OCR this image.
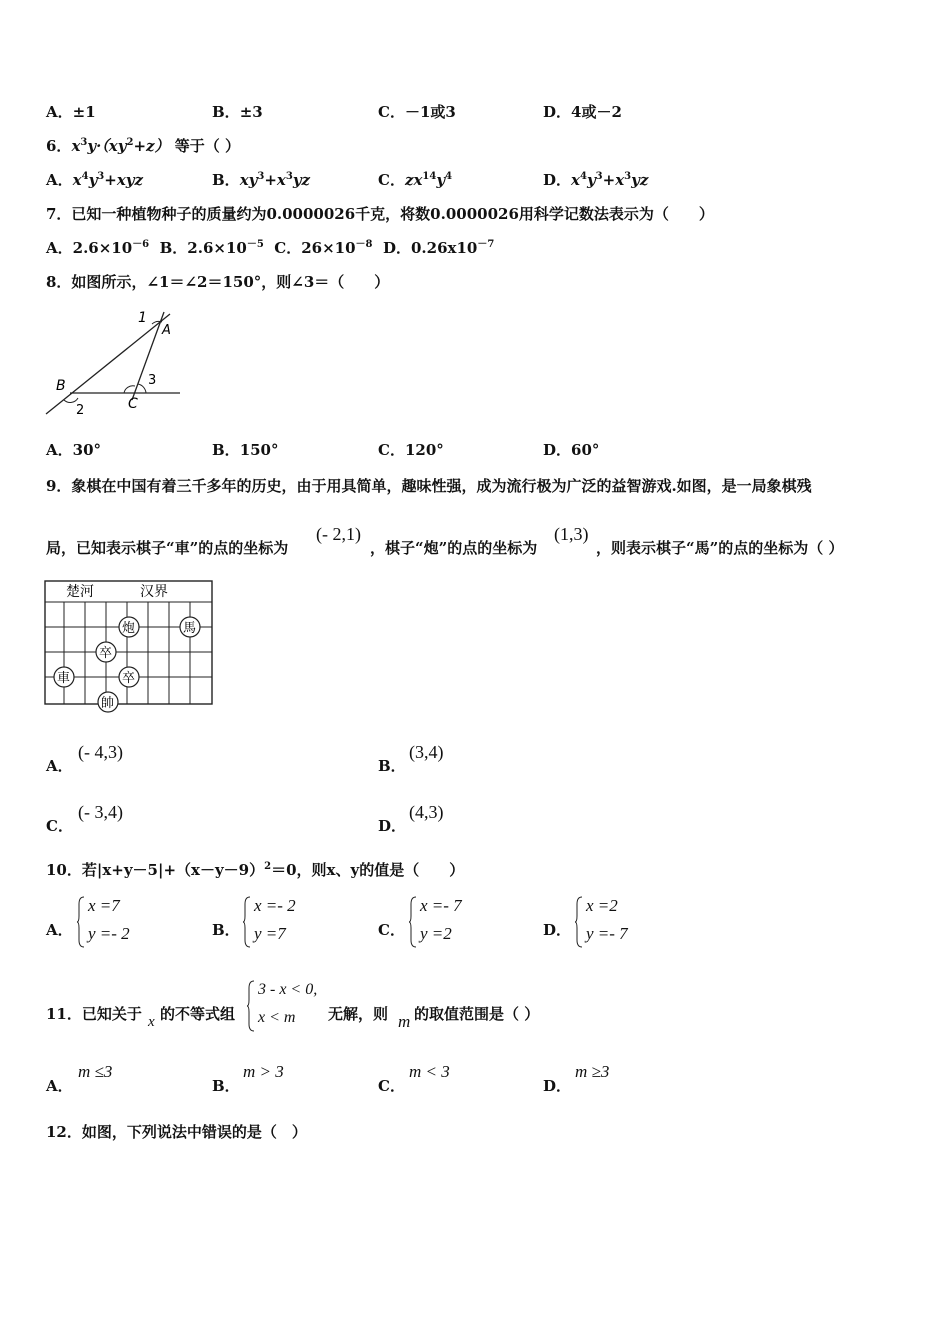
A．±1	B．±3	C．－1或3	D．4或－2
6．$x^3y\cdot(xy^2+z)$ 等于（ ）
A．$x^4y^3+xyz$	B．$xy^3+x^3yz$	C．$zx^{14}y^4$	D．$x^4y^3+x^3yz$
7．已知一种植物种子的质量约为0.0000026千克，将数0.0000026用科学记数法表示为（　　）
A．$2.6\times 10^{-6}$ B．$2.6\times 10^{-5}$ C．$26\times 10^{-8}$ D．$0.26x10^{-7}$
8．如图所示，∠1＝∠2＝150°，则∠3＝（　　）
1
A
B
C
2
3
A．30°	B．150°	C．120°	D．60°
9．象棋在中国有着三千多年的历史，由于用具简单，趣味性强，成为流行极为广泛的益智游戏.如图，是一局象棋残
局，已知表示棋子“車”的点的坐标为
(- 2,1)
，棋子“炮”的点的坐标为
(1,3)
，则表示棋子“馬”的点的坐标为（ ）
楚河	汉界
炮	馬
卒
車	卒
帥
A．
(- 4,3)
B．
(3,4)
C．
(- 3,4)
D．
(4,3)
10．若$|x+y-5|+(x-y-9)^2=0$，则x、y的值是（　　）
A．
x =7
y =- 2	B．
x =- 2
y =7	C．
x =- 7
y =2	D．
x =2
y =- 7
11．已知关于 x 的不等式组
3 - x < 0,
x < m	无解，则 m 的取值范围是（ ）
A．
m ≤3
B．
m > 3
C．
m < 3
D．
m ≥3
12．如图，下列说法中错误的是（　）
